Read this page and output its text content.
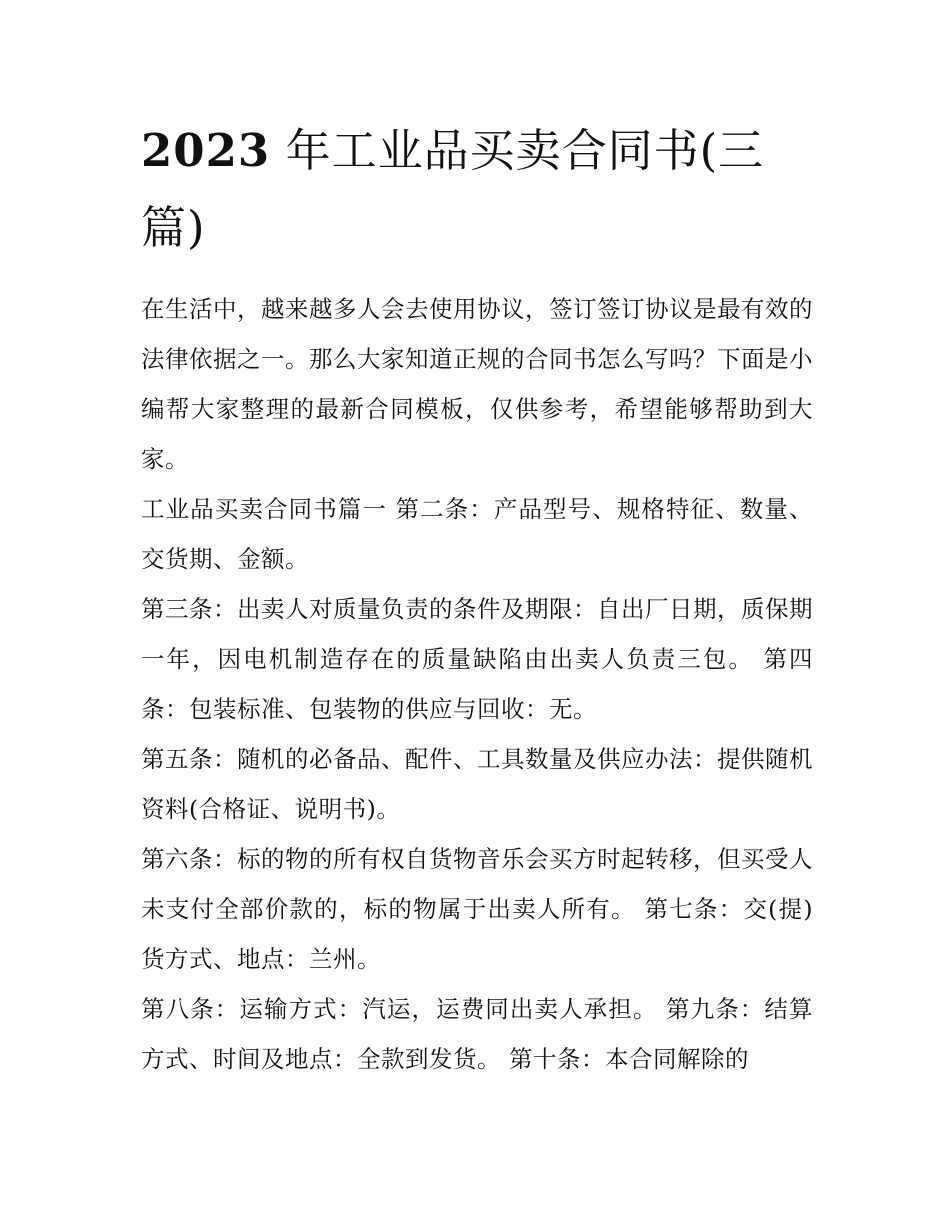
2023 年工业品买卖合同书(三篇)

在生活中，越来越多人会去使用协议，签订签订协议是最有效的法律依据之一。那么大家知道正规的合同书怎么写吗？下面是小编帮大家整理的最新合同模板，仅供参考，希望能够帮助到大家。

工业品买卖合同书篇一 第二条：产品型号、规格特征、数量、交货期、金额。

第三条：出卖人对质量负责的条件及期限：自出厂日期，质保期一年，因电机制造存在的质量缺陷由出卖人负责三包。 第四条：包装标准、包装物的供应与回收：无。

第五条：随机的必备品、配件、工具数量及供应办法：提供随机资料(合格证、说明书)。

第六条：标的物的所有权自货物音乐会买方时起转移，但买受人未支付全部价款的，标的物属于出卖人所有。 第七条：交(提)货方式、地点：兰州。

第八条：运输方式：汽运，运费同出卖人承担。 第九条：结算方式、时间及地点：全款到发货。 第十条：本合同解除的
